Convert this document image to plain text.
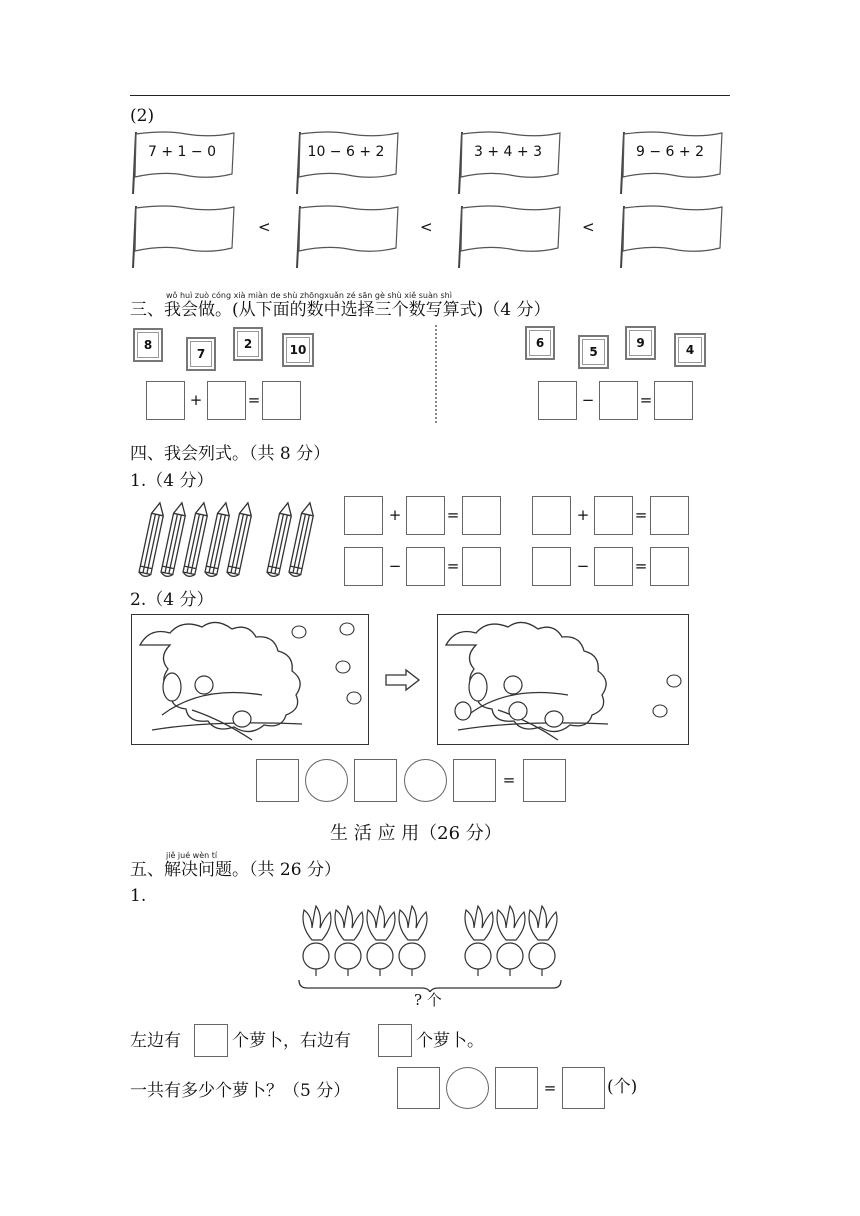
(2)
wǒ huì zuò cóng xià miàn de shù zhōngxuǎn zé sān gè shù xiě suàn shì
三、我会做。(从下面的数中选择三个数写算式)（4 分）
8
7
2	10
+	=
6
5
9	4
−	=
四、我会列式。（共 8 分）
1.（4 分）
2.（4 分）
=
生 活 应 用（26 分）
jiě jué wèn tí
五、解决问题。（共 26 分）
1.
? 个
左边有	个萝卜，右边有	个萝卜。
一共有多少个萝卜？（5 分）	=	(个)
7 + 1 − 0	10 − 6 + 2	3 + 4 + 3	9 − 6 + 2
<	<	<
+	=	+	=
−	=	−	=
